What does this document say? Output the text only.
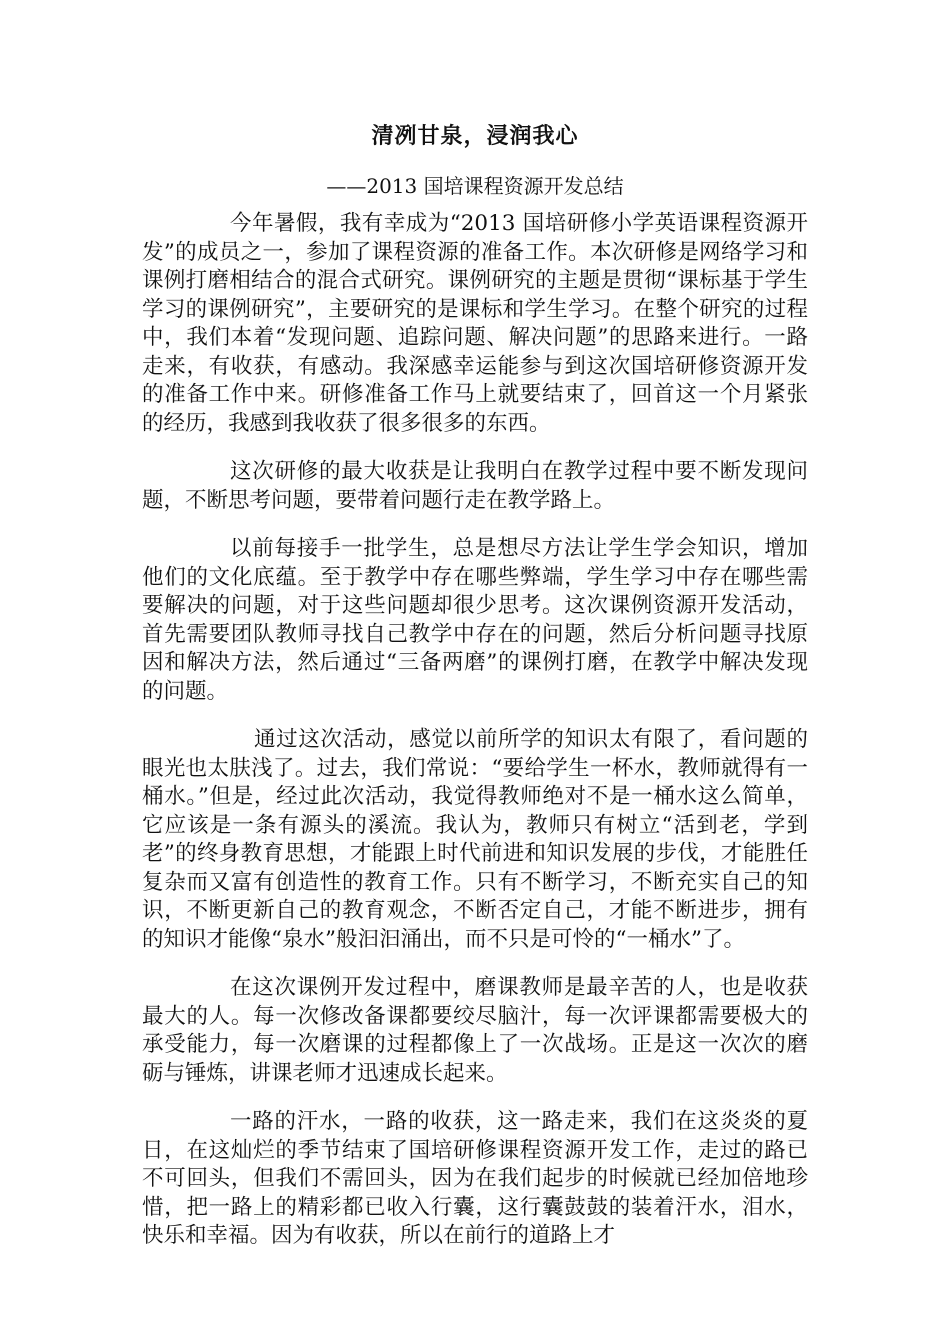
清冽甘泉，浸润我心
——2013 国培课程资源开发总结

今年暑假，我有幸成为“2013 国培研修小学英语课程资源开发”的成员之一，参加了课程资源的准备工作。本次研修是网络学习和课例打磨相结合的混合式研究。课例研究的主题是贯彻“课标基于学生学习的课例研究”，主要研究的是课标和学生学习。在整个研究的过程中，我们本着“发现问题、追踪问题、解决问题”的思路来进行。一路走来，有收获，有感动。我深感幸运能参与到这次国培研修资源开发的准备工作中来。研修准备工作马上就要结束了，回首这一个月紧张的经历，我感到我收获了很多很多的东西。

这次研修的最大收获是让我明白在教学过程中要不断发现问题，不断思考问题，要带着问题行走在教学路上。

以前每接手一批学生，总是想尽方法让学生学会知识，增加他们的文化底蕴。至于教学中存在哪些弊端，学生学习中存在哪些需要解决的问题，对于这些问题却很少思考。这次课例资源开发活动，首先需要团队教师寻找自己教学中存在的问题，然后分析问题寻找原因和解决方法，然后通过“三备两磨”的课例打磨，在教学中解决发现的问题。

通过这次活动，感觉以前所学的知识太有限了，看问题的眼光也太肤浅了。过去，我们常说：“要给学生一杯水，教师就得有一桶水。”但是，经过此次活动，我觉得教师绝对不是一桶水这么简单，它应该是一条有源头的溪流。我认为，教师只有树立“活到老，学到老”的终身教育思想，才能跟上时代前进和知识发展的步伐，才能胜任复杂而又富有创造性的教育工作。只有不断学习，不断充实自己的知识，不断更新自己的教育观念，不断否定自己，才能不断进步，拥有的知识才能像“泉水”般汩汩涌出，而不只是可怜的“一桶水”了。

在这次课例开发过程中，磨课教师是最辛苦的人，也是收获最大的人。每一次修改备课都要绞尽脑汁，每一次评课都需要极大的承受能力，每一次磨课的过程都像上了一次战场。正是这一次次的磨砺与锤炼，讲课老师才迅速成长起来。

一路的汗水，一路的收获，这一路走来，我们在这炎炎的夏日，在这灿烂的季节结束了国培研修课程资源开发工作，走过的路已不可回头，但我们不需回头，因为在我们起步的时候就已经加倍地珍惜，把一路上的精彩都已收入行囊，这行囊鼓鼓的装着汗水，泪水，快乐和幸福。因为有收获，所以在前行的道路上才
